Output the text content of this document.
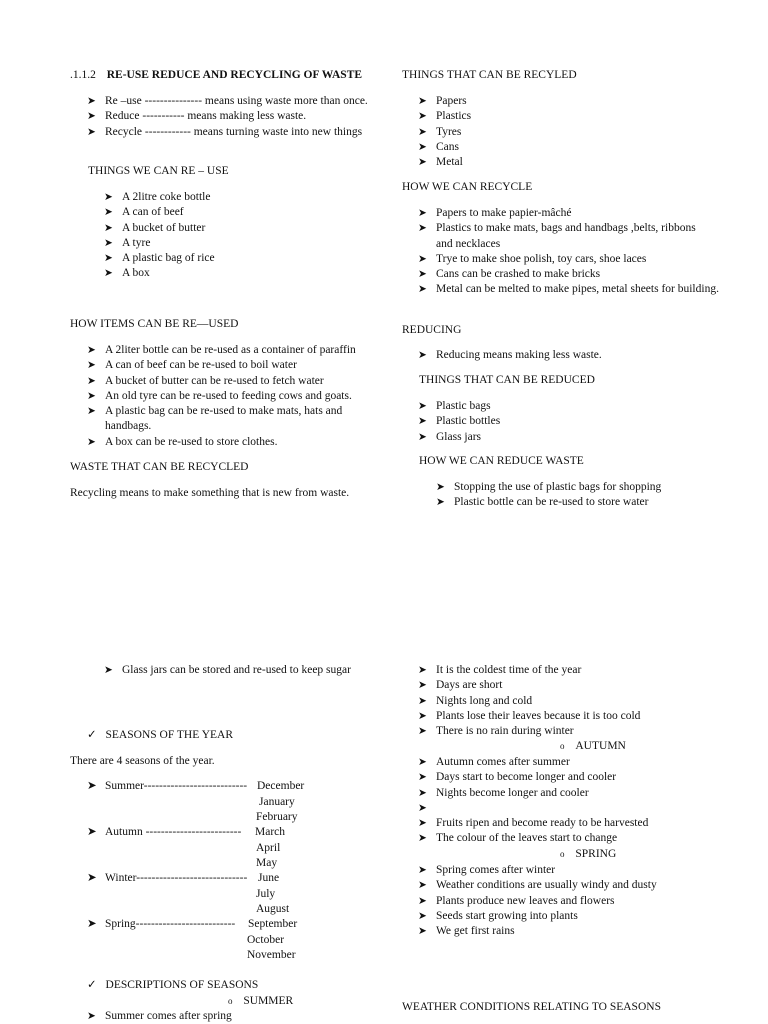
.1.1.2 RE-USE REDUCE AND RECYCLING OF WASTE
➤ Re –use --------------- means using waste more than once.
➤ Reduce ----------- means making less waste.
➤ Recycle ------------ means turning waste into new things
THINGS WE CAN RE – USE
➤ A 2litre coke bottle
➤ A can of beef
➤ A bucket of butter
➤ A tyre
➤ A plastic bag of rice
➤ A box
HOW ITEMS CAN BE RE—USED
➤ A 2liter bottle can be re-used as a container of paraffin
➤ A can of beef can be re-used to boil water
➤ A bucket of butter can be re-used to fetch water
➤ An old tyre can be re-used to feeding cows and goats.
➤ A plastic bag can be re-used to make mats, hats and handbags.
➤ A box can be re-used to store clothes.
WASTE THAT CAN BE RECYCLED
Recycling means to make something that is new from waste.
THINGS THAT CAN BE RECYLED
➤ Papers
➤ Plastics
➤ Tyres
➤ Cans
➤ Metal
HOW WE CAN RECYCLE
➤ Papers to make papier-mâché
➤ Plastics to make mats, bags and handbags ,belts, ribbons and necklaces
➤ Trye to make shoe polish, toy cars, shoe laces
➤ Cans can be crashed to make bricks
➤ Metal can be melted to make pipes, metal sheets for building.
REDUCING
➤ Reducing means making less waste.
THINGS THAT CAN BE REDUCED
➤ Plastic bags
➤ Plastic bottles
➤ Glass jars
HOW WE CAN REDUCE WASTE
➤ Stopping the use of plastic bags for shopping
➤ Plastic bottle can be re-used to store water
➤ Glass jars can be stored and re-used to keep sugar
✓ SEASONS OF THE YEAR
There are 4 seasons of the year.
➤ Summer--------------------------- December
January
February
➤ Autumn ------------------------- March
April
May
➤ Winter----------------------------- June
July
August
➤ Spring-------------------------- September
October
November
✓ DESCRIPTIONS OF SEASONS
o SUMMER
➤ Summer comes after spring
➤ It is the coldest time of the year
➤ Days are short
➤ Nights long and cold
➤ Plants lose their leaves because it is too cold
➤ There is no rain during winter
o AUTUMN
➤ Autumn comes after summer
➤ Days start to become longer and cooler
➤ Nights become longer and cooler
➤
➤ Fruits ripen and become ready to be harvested
➤ The colour of the leaves start to change
o SPRING
➤ Spring comes after winter
➤ Weather conditions are usually windy and dusty
➤ Plants produce new leaves and flowers
➤ Seeds start growing into plants
➤ We get first rains
WEATHER CONDITIONS RELATING TO SEASONS
